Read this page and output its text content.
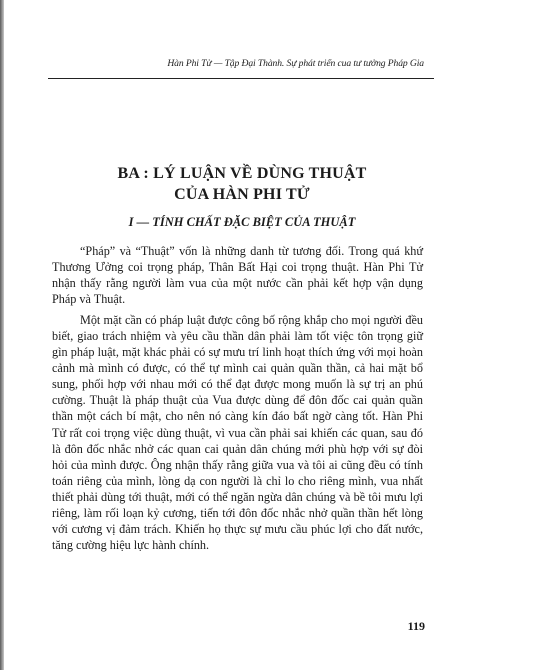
Hàn Phi Tử — Tập Đại Thành. Sự phát triển cua tư tưởng Pháp Gia
BA : LÝ LUẬN VỀ DÙNG THUẬT
CỦA HÀN PHI TỬ
I — TÍNH CHẤT ĐẶC BIỆT CỦA THUẬT

“Pháp” và “Thuật” vốn là những danh từ tương đối. Trong quá khứ Thương Ưởng coi trọng pháp, Thân Bất Hại coi trọng thuật. Hàn Phi Tử nhận thấy rằng người làm vua của một nước cần phải kết hợp vận dụng Pháp và Thuật.

Một mặt cần có pháp luật được công bố rộng khắp cho mọi người đều biết, giao trách nhiệm và yêu cầu thần dân phải làm tốt việc tôn trọng giữ gìn pháp luật, mặt khác phải có sự mưu trí linh hoạt thích ứng với mọi hoàn cảnh mà mình có được, có thể tự mình cai quản quần thần, cả hai mặt bổ sung, phối hợp với nhau mới có thể đạt được mong muốn là sự trị an phú cường. Thuật là pháp thuật của Vua được dùng để đôn đốc cai quản quần thần một cách bí mật, cho nên nó càng kín đáo bất ngờ càng tốt. Hàn Phi Tử rất coi trọng việc dùng thuật, vì vua cần phải sai khiến các quan, sau đó là đôn đốc nhắc nhở các quan cai quản dân chúng mới phù hợp với sự đòi hỏi của mình được. Ông nhận thấy rằng giữa vua và tôi ai cũng đều có tính toán riêng của mình, lòng dạ con người là chỉ lo cho riêng mình, vua nhất thiết phải dùng tới thuật, mới có thể ngăn ngừa dân chúng và bề tôi mưu lợi riêng, làm rối loạn kỷ cương, tiến tới đôn đốc nhắc nhở quần thần hết lòng với cương vị đảm trách. Khiến họ thực sự mưu cầu phúc lợi cho đất nước, tăng cường hiệu lực hành chính.

119
